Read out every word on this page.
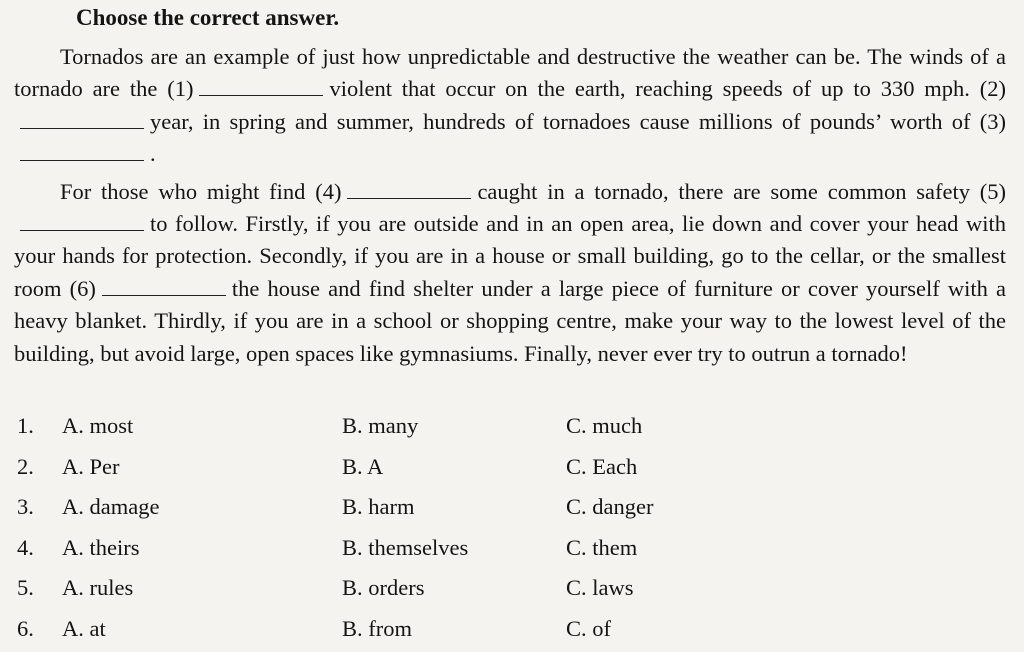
Choose the correct answer.

Tornados are an example of just how unpredictable and destructive the weather can be. The winds of a tornado are the (1)	violent that occur on the earth, reaching speeds of up to 330 mph. (2)year, in spring and summer, hundreds of tornadoes cause millions of pounds’ worth of (3).

For those who might find (4)	caught in a tornado, there are some common safety (5)to follow. Firstly, if you are outside and in an open area, lie down and cover your head with your hands for protection. Secondly, if you are in a house or small building, go to the cellar, or the smallest room (6)	the house and find shelter under a large piece of furniture or cover yourself with a heavy blanket. Thirdly, if you are in a school or shopping centre, make your way to the lowest level of the building, but avoid large, open spaces like gymnasiums. Finally, never ever try to outrun a tornado!

1. A. most	B. many	C. much
2. A. Per	B. A	C. Each
3. A. damage	B. harm	C. danger
4. A. theirs	B. themselves	C. them
5. A. rules	B. orders	C. laws
6. A. at	B. from	C. of
